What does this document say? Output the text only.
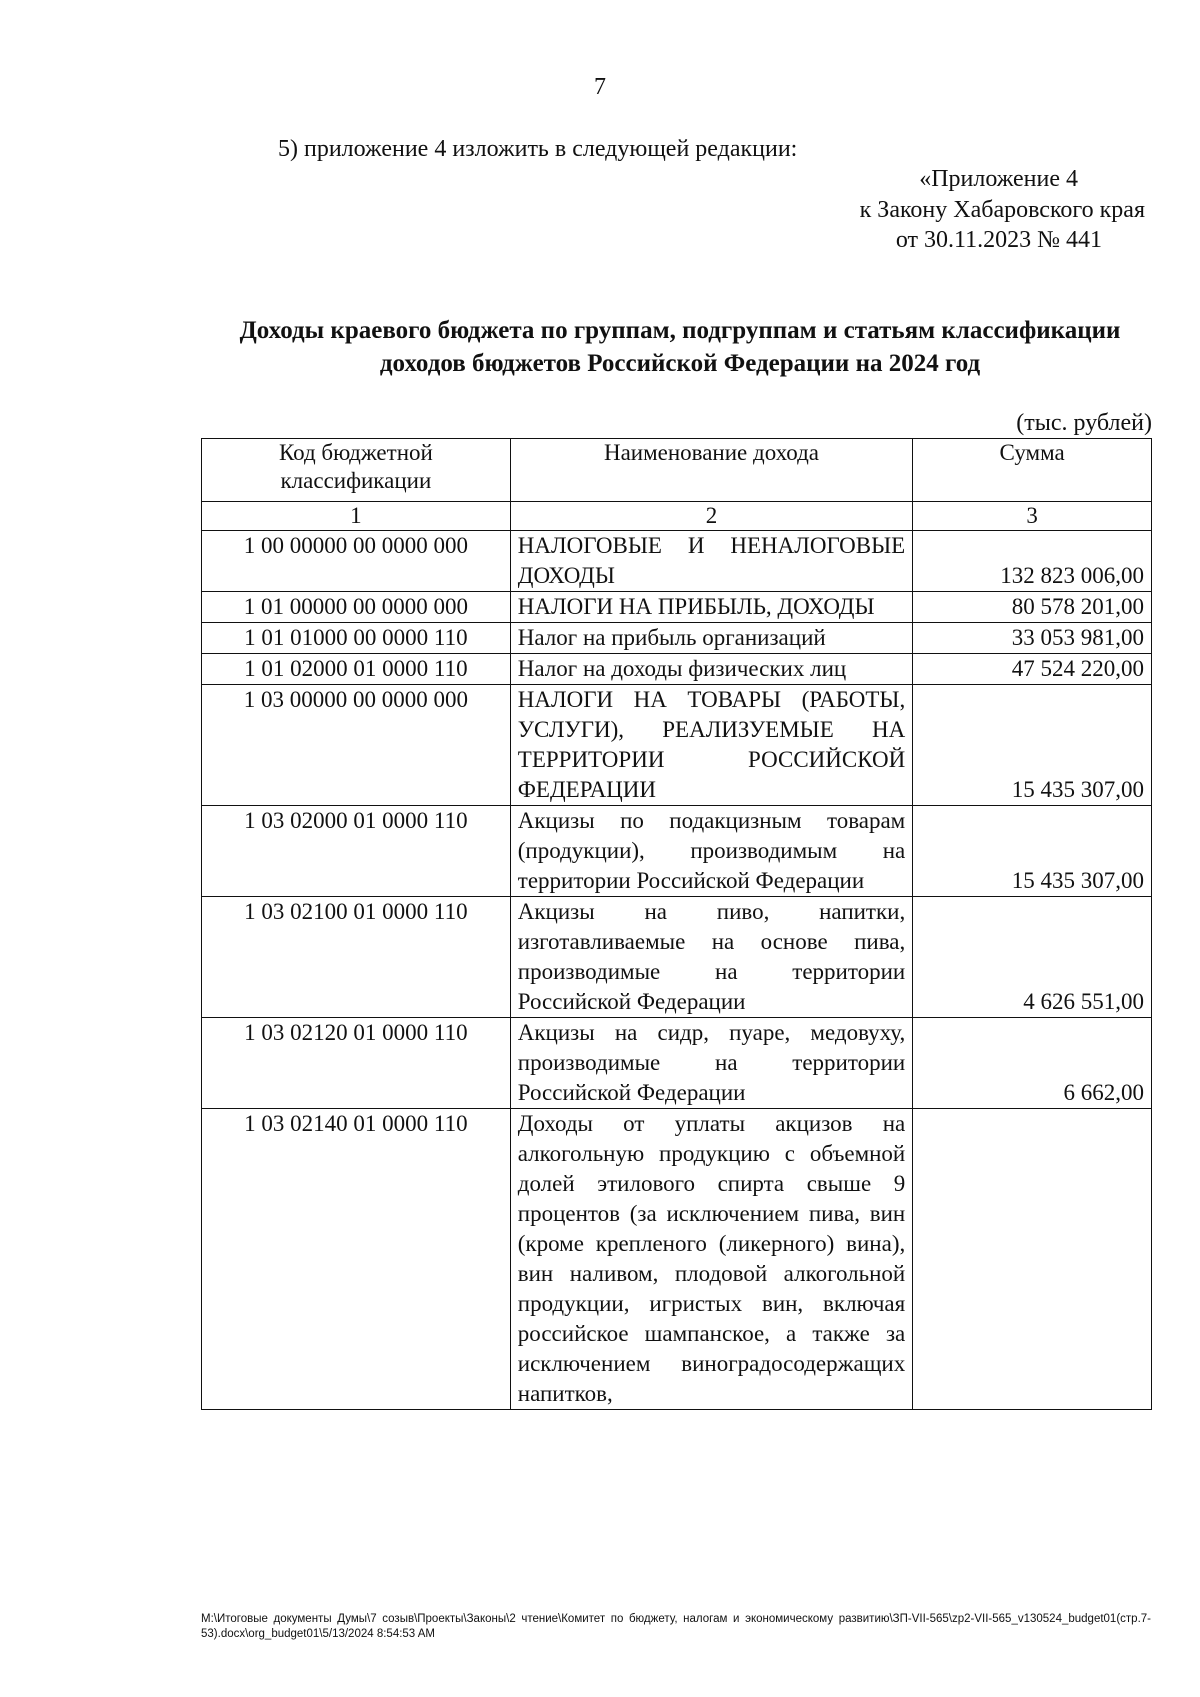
7
5) приложение 4 изложить в следующей редакции:
«Приложение 4
к Закону Хабаровского края
от 30.11.2023 № 441
Доходы краевого бюджета по группам, подгруппам и статьям классификации
доходов бюджетов Российской Федерации на 2024 год
(тыс. рублей)
Код бюджетной классификации	Наименование дохода	Сумма
1	2	3
1 00 00000 00 0000 000	НАЛОГОВЫЕ И НЕНАЛОГОВЫЕ ДОХОДЫ	132 823 006,00
1 01 00000 00 0000 000	НАЛОГИ НА ПРИБЫЛЬ, ДОХОДЫ	80 578 201,00
1 01 01000 00 0000 110	Налог на прибыль организаций	33 053 981,00
1 01 02000 01 0000 110	Налог на доходы физических лиц	47 524 220,00
1 03 00000 00 0000 000	НАЛОГИ НА ТОВАРЫ (РАБОТЫ, УСЛУГИ), РЕАЛИЗУЕМЫЕ НА ТЕРРИТОРИИ РОССИЙСКОЙ ФЕДЕРАЦИИ	15 435 307,00
1 03 02000 01 0000 110	Акцизы по подакцизным товарам (продукции), производимым на территории Российской Федерации	15 435 307,00
1 03 02100 01 0000 110	Акцизы на пиво, напитки, изготавливаемые на основе пива, производимые на территории Российской Федерации	4 626 551,00
1 03 02120 01 0000 110	Акцизы на сидр, пуаре, медовуху, производимые на территории Российской Федерации	6 662,00
1 03 02140 01 0000 110	Доходы от уплаты акцизов на алкогольную продукцию с объемной долей этилового спирта свыше 9 процентов (за исключением пива, вин (кроме крепленого (ликерного) вина), вин наливом, плодовой алкогольной продукции, игристых вин, включая российское шампанское, а также за исключением виноградосодержащих напитков,	
M:\Итоговые документы Думы\7 созыв\Проекты\Законы\2 чтение\Комитет по бюджету, налогам и экономическому развитию\ЗП-VII-565\zp2-VII-565_v130524_budget01(стр.7-53).docx\org_budget01\5/13/2024 8:54:53 AM
